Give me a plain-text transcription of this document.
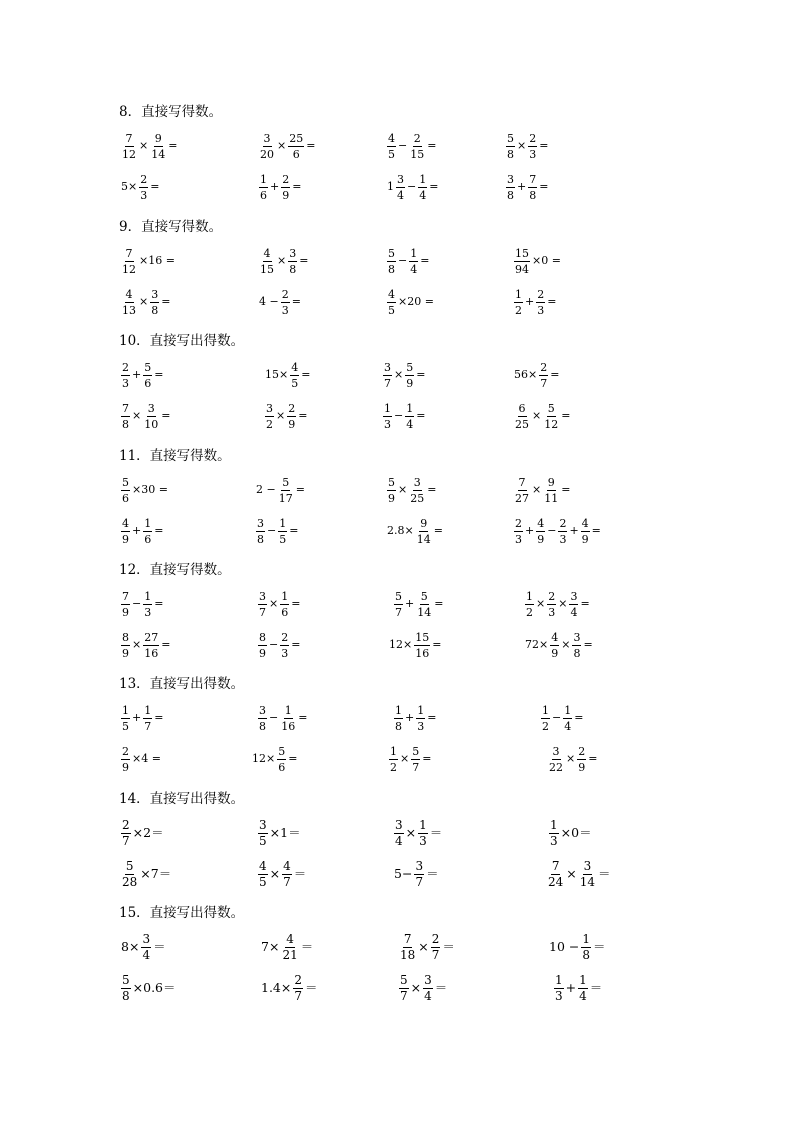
8．直接写得数。
$\frac{7}{12} \times \frac{9}{14}$ =	$\frac{3}{20} \times \frac{25}{6}$ =	$\frac{4}{5} - \frac{2}{15}$ =	$\frac{5}{8} \times \frac{2}{3}$ =
$5\times \frac{2}{3}$ =	$\frac{1}{6} + \frac{2}{9}$ =	$1 \frac{3}{4} - \frac{1}{4}$ =	$\frac{3}{8} + \frac{7}{8}$ =
9．直接写得数。
$\frac{7}{12} \times 16$ =	$\frac{4}{15} \times \frac{3}{8}$ =	$\frac{5}{8} - \frac{1}{4}$ =	$\frac{15}{94} \times 0$ =
$\frac{4}{13} \times \frac{3}{8}$ =	$4 - \frac{2}{3}$ =	$\frac{4}{5} \times 20$ =	$\frac{1}{2} + \frac{2}{3}$ =
10．直接写出得数。
$\frac{2}{3} + \frac{5}{6}$ =	$15\times \frac{4}{5}$ =	$\frac{3}{7} \times \frac{5}{9}$ =	$56\times \frac{2}{7}$ =
$\frac{7}{8} \times \frac{3}{10}$ =	$\frac{3}{2} \times \frac{2}{9}$ =	$\frac{1}{3} - \frac{1}{4}$ =	$\frac{6}{25} \times \frac{5}{12}$ =
11．直接写得数。
$\frac{5}{6} \times 30$ =	$2 - \frac{5}{17}$ =	$\frac{5}{9} \times \frac{3}{25}$ =	$\frac{7}{27} \times \frac{9}{11}$ =
$\frac{4}{9} + \frac{1}{6}$ =	$\frac{3}{8} - \frac{1}{5}$ =	$2.8\times \frac{9}{14}$ =	$\frac{2}{3} + \frac{4}{9} - \frac{2}{3} + \frac{4}{9}$ =
12．直接写得数。
$\frac{7}{9} - \frac{1}{3}$ =	$\frac{3}{7} \times \frac{1}{6}$ =	$\frac{5}{7} + \frac{5}{14}$ =	$\frac{1}{2} \times \frac{2}{3} \times \frac{3}{4}$ =
$\frac{8}{9} \times \frac{27}{16}$ =	$\frac{8}{9} - \frac{2}{3}$ =	$12\times \frac{15}{16}$ =	$72\times \frac{4}{9} \times \frac{3}{8}$ =
13．直接写出得数。
$\frac{1}{5} + \frac{1}{7}$ =	$\frac{3}{8} - \frac{1}{16}$ =	$\frac{1}{8} + \frac{1}{3}$ =	$\frac{1}{2} - \frac{1}{4}$ =
$\frac{2}{9} \times 4$ =	$12\times \frac{5}{6}$ =	$\frac{1}{2} \times \frac{5}{7}$ =	$\frac{3}{22} \times \frac{2}{9}$ =
14．直接写出得数。
$\frac{2}{7} \times 2=$	$\frac{3}{5} \times 1=$	$\frac{3}{4} \times \frac{1}{3}$ ＝	$\frac{1}{3} \times 0=$
$\frac{5}{28} \times 7=$	$\frac{4}{5} \times \frac{4}{7}$ ＝	$5- \frac{3}{7}$ ＝	$\frac{7}{24} \times \frac{3}{14}$ ＝
15．直接写出得数。
$8\times \frac{3}{4}$ ＝	$7\times \frac{4}{21}$ ＝	$\frac{7}{18} \times \frac{2}{7}$ ＝	$10 - \frac{1}{8}$ ＝
$\frac{5}{8} \times 0.6=$	$1.4\times \frac{2}{7}$ ＝	$\frac{5}{7} \times \frac{3}{4}$ ＝	$\frac{1}{3} + \frac{1}{4}$ ＝
